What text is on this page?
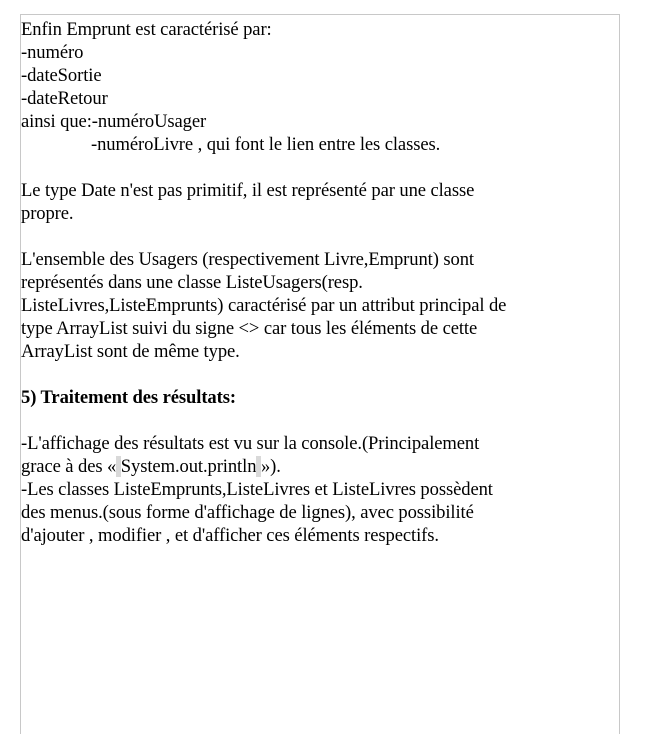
Enfin Emprunt est caractérisé par:
-numéro
-dateSortie
-dateRetour
ainsi que:-numéroUsager
-numéroLivre , qui font le lien entre les classes.
Le type Date n'est pas primitif, il est représenté par une classe
propre.
L'ensemble des Usagers (respectivement Livre,Emprunt) sont
représentés dans une classe ListeUsagers(resp.
ListeLivres,ListeEmprunts) caractérisé par un attribut principal de
type ArrayList suivi du signe <> car tous les éléments de cette
ArrayList sont de même type.
5) Traitement des résultats:
-L'affichage des résultats est vu sur la console.(Principalement
grace à des « System.out.println »).
-Les classes ListeEmprunts,ListeLivres et ListeLivres possèdent
des menus.(sous forme d'affichage de lignes), avec possibilité
d'ajouter , modifier , et d'afficher ces éléments respectifs.
